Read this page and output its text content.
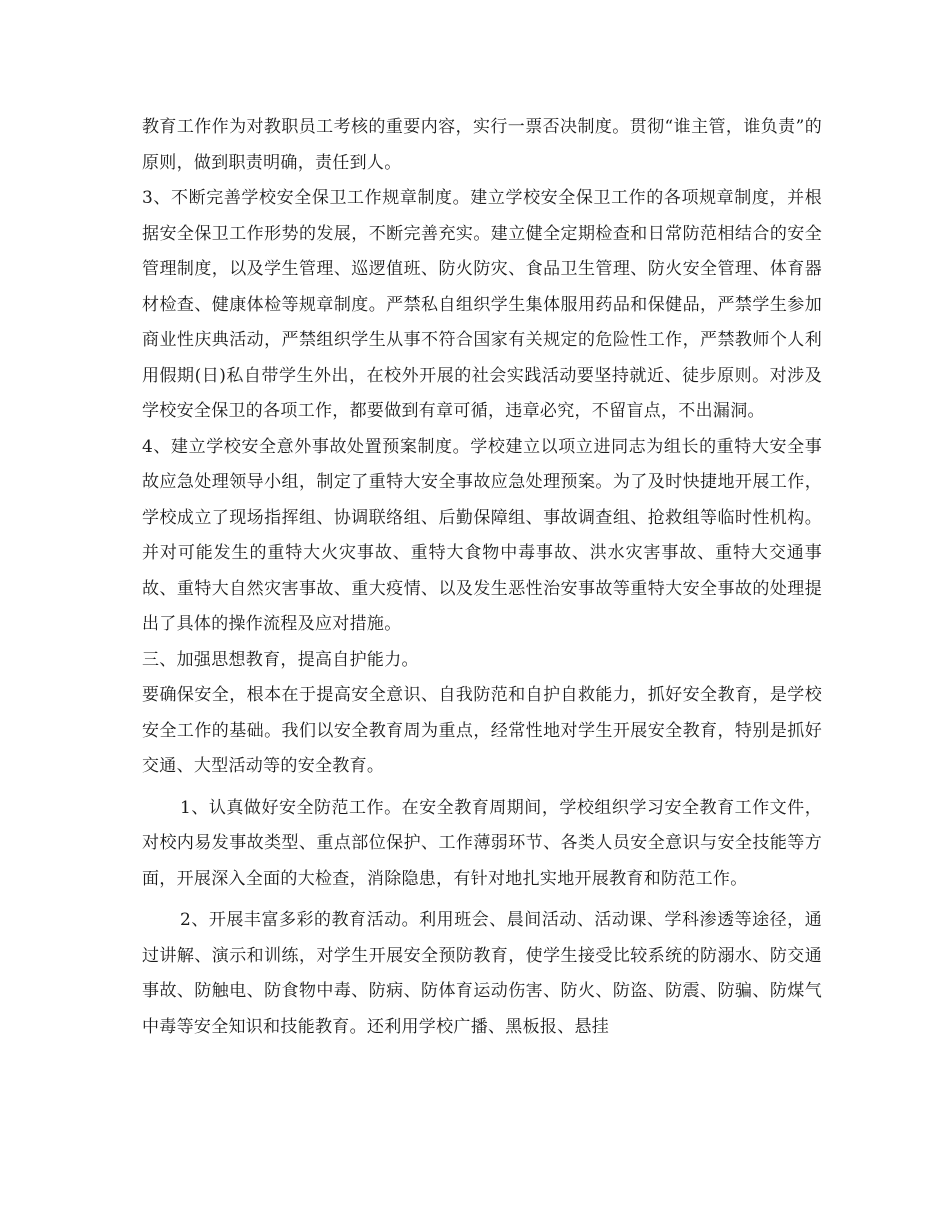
教育工作作为对教职员工考核的重要内容，实行一票否决制度。贯彻“谁主管，谁负责”的原则，做到职责明确，责任到人。

3、不断完善学校安全保卫工作规章制度。建立学校安全保卫工作的各项规章制度，并根据安全保卫工作形势的发展，不断完善充实。建立健全定期检查和日常防范相结合的安全管理制度，以及学生管理、巡逻值班、防火防灾、食品卫生管理、防火安全管理、体育器材检查、健康体检等规章制度。严禁私自组织学生集体服用药品和保健品，严禁学生参加商业性庆典活动，严禁组织学生从事不符合国家有关规定的危险性工作，严禁教师个人利用假期(日)私自带学生外出，在校外开展的社会实践活动要坚持就近、徒步原则。对涉及学校安全保卫的各项工作，都要做到有章可循，违章必究，不留盲点，不出漏洞。

4、建立学校安全意外事故处置预案制度。学校建立以项立进同志为组长的重特大安全事故应急处理领导小组，制定了重特大安全事故应急处理预案。为了及时快捷地开展工作，学校成立了现场指挥组、协调联络组、后勤保障组、事故调查组、抢救组等临时性机构。并对可能发生的重特大火灾事故、重特大食物中毒事故、洪水灾害事故、重特大交通事故、重特大自然灾害事故、重大疫情、以及发生恶性治安事故等重特大安全事故的处理提出了具体的操作流程及应对措施。

三、加强思想教育，提高自护能力。

要确保安全，根本在于提高安全意识、自我防范和自护自救能力，抓好安全教育，是学校安全工作的基础。我们以安全教育周为重点，经常性地对学生开展安全教育，特别是抓好交通、大型活动等的安全教育。

1、认真做好安全防范工作。在安全教育周期间，学校组织学习安全教育工作文件，对校内易发事故类型、重点部位保护、工作薄弱环节、各类人员安全意识与安全技能等方面，开展深入全面的大检查，消除隐患，有针对地扎实地开展教育和防范工作。

2、开展丰富多彩的教育活动。利用班会、晨间活动、活动课、学科渗透等途径，通过讲解、演示和训练，对学生开展安全预防教育，使学生接受比较系统的防溺水、防交通事故、防触电、防食物中毒、防病、防体育运动伤害、防火、防盗、防震、防骗、防煤气中毒等安全知识和技能教育。还利用学校广播、黑板报、悬挂
